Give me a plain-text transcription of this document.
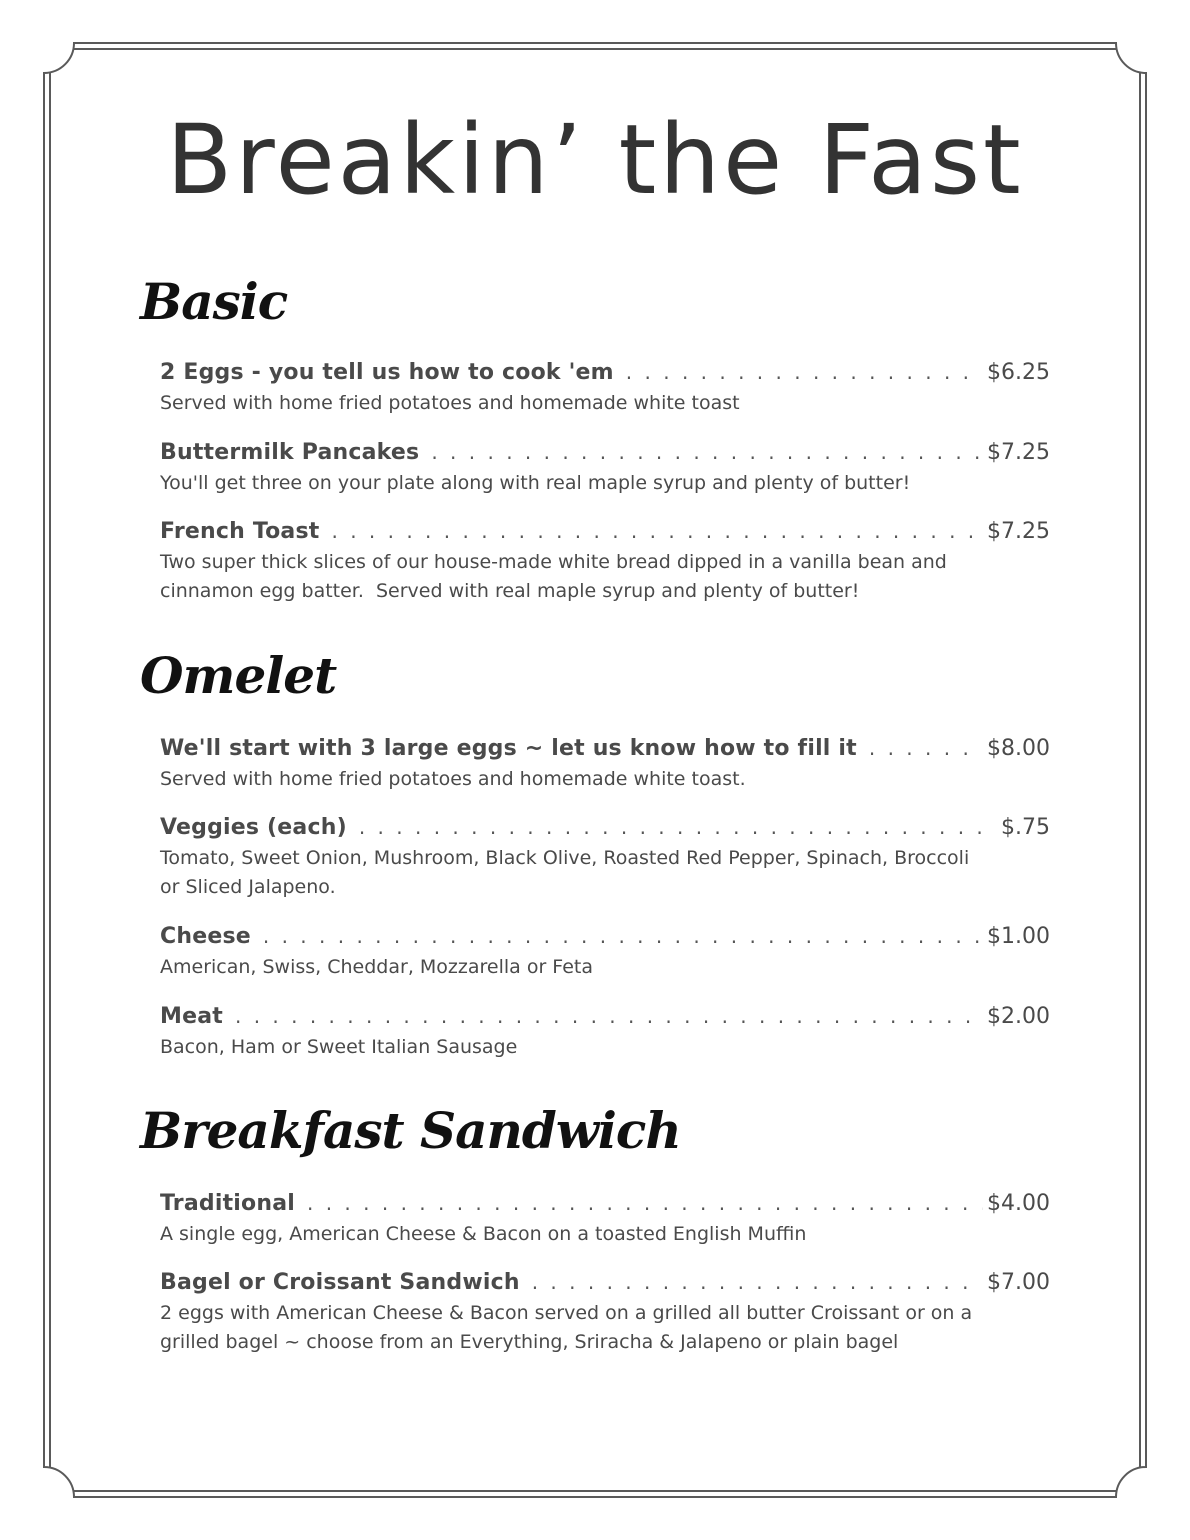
Breakin’ the Fast
Basic
2 Eggs - you tell us how to cook 'em . . .	$6.25
Served with home fried potatoes and homemade white toast
Buttermilk Pancakes . . .	$7.25
You'll get three on your plate along with real maple syrup and plenty of butter!
French Toast . . .	$7.25
Two super thick slices of our house-made white bread dipped in a vanilla bean and
cinnamon egg batter.  Served with real maple syrup and plenty of butter!
Omelet
We'll start with 3 large eggs ~ let us know how to fill it . . .	$8.00
Served with home fried potatoes and homemade white toast.
Veggies (each) . . .	$.75
Tomato, Sweet Onion, Mushroom, Black Olive, Roasted Red Pepper, Spinach, Broccoli
or Sliced Jalapeno.
Cheese . . .	$1.00
American, Swiss, Cheddar, Mozzarella or Feta
Meat . . .	$2.00
Bacon, Ham or Sweet Italian Sausage
Breakfast Sandwich
Traditional . . .	$4.00
A single egg, American Cheese & Bacon on a toasted English Muffin
Bagel or Croissant Sandwich . . .	$7.00
2 eggs with American Cheese & Bacon served on a grilled all butter Croissant or on a
grilled bagel ~ choose from an Everything, Sriracha & Jalapeno or plain bagel
